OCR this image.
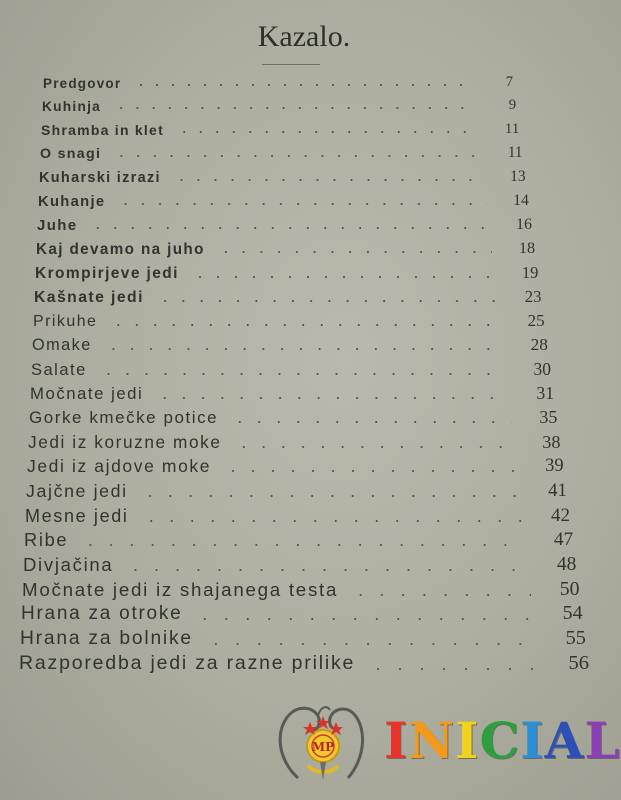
Kazalo.
Predgovor	7
Kuhinja	9
Shramba in klet	11
O snagi	11
Kuharski izrazi	13
Kuhanje	14
Juhe	16
Kaj devamo na juho	18
Krompirjeve jedi	19
Kašnate jedi	23
Prikuhe	25
Omake	28
Salate	30
Močnate jedi	31
Gorke kmečke potice	35
Jedi iz koruzne moke	38
Jedi iz ajdove moke	39
Jajčne jedi	41
Mesne jedi	42
Ribe	47
Divjačina	48
Močnate jedi iz shajanega testa	50
Hrana za otroke	54
Hrana za bolnike	55
Razporedba jedi za razne prilike	56
MP INICIAL
